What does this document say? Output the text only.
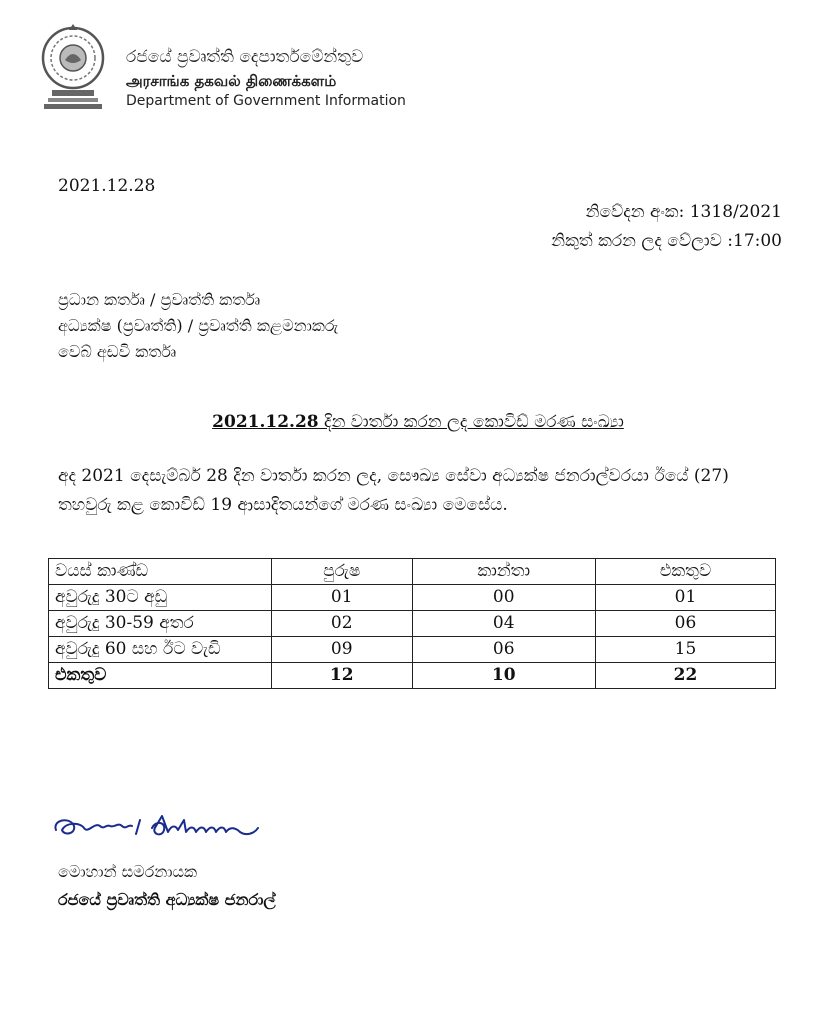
රජයේ ප්‍රවෘත්ති දෙපාර්තමේන්තුව
அரசாங்க தகவல் திணைக்களம்
Department of Government Information
2021.12.28
නිවේදන අංක: 1318/2021
නිකුත් කරන ලද වේලාව :17:00
ප්‍රධාන කර්තෘ / ප්‍රවෘත්ති කර්තෘ
අධ්‍යක්ෂ (ප්‍රවෘත්ති) / ප්‍රවෘත්ති කළමනාකරු
වෙබ් අඩවි කර්තෘ
2021.12.28 දින වාර්තා කරන ලද කොවිඩ් මරණ සංඛ්‍යා
අද 2021 දෙසැම්බර් 28 දින වාර්තා කරන ලද, සෞඛ්‍ය සේවා අධ්‍යක්ෂ ජනරාල්වරයා ඊයේ (27) තහවුරු කළ කොවිඩ් 19 ආසාදිතයන්ගේ මරණ සංඛ්‍යා මෙසේය.
වයස් කාණ්ඩ	පුරුෂ	කාන්තා	එකතුව
අවුරුදු 30ට අඩු	01	00	01
අවුරුදු 30-59 අතර	02	04	06
අවුරුදු 60 සහ ඊට වැඩි	09	06	15
එකතුව	12	10	22
මොහාන් සමරනායක
රජයේ ප්‍රවෘත්ති අධ්‍යක්ෂ ජනරාල්
